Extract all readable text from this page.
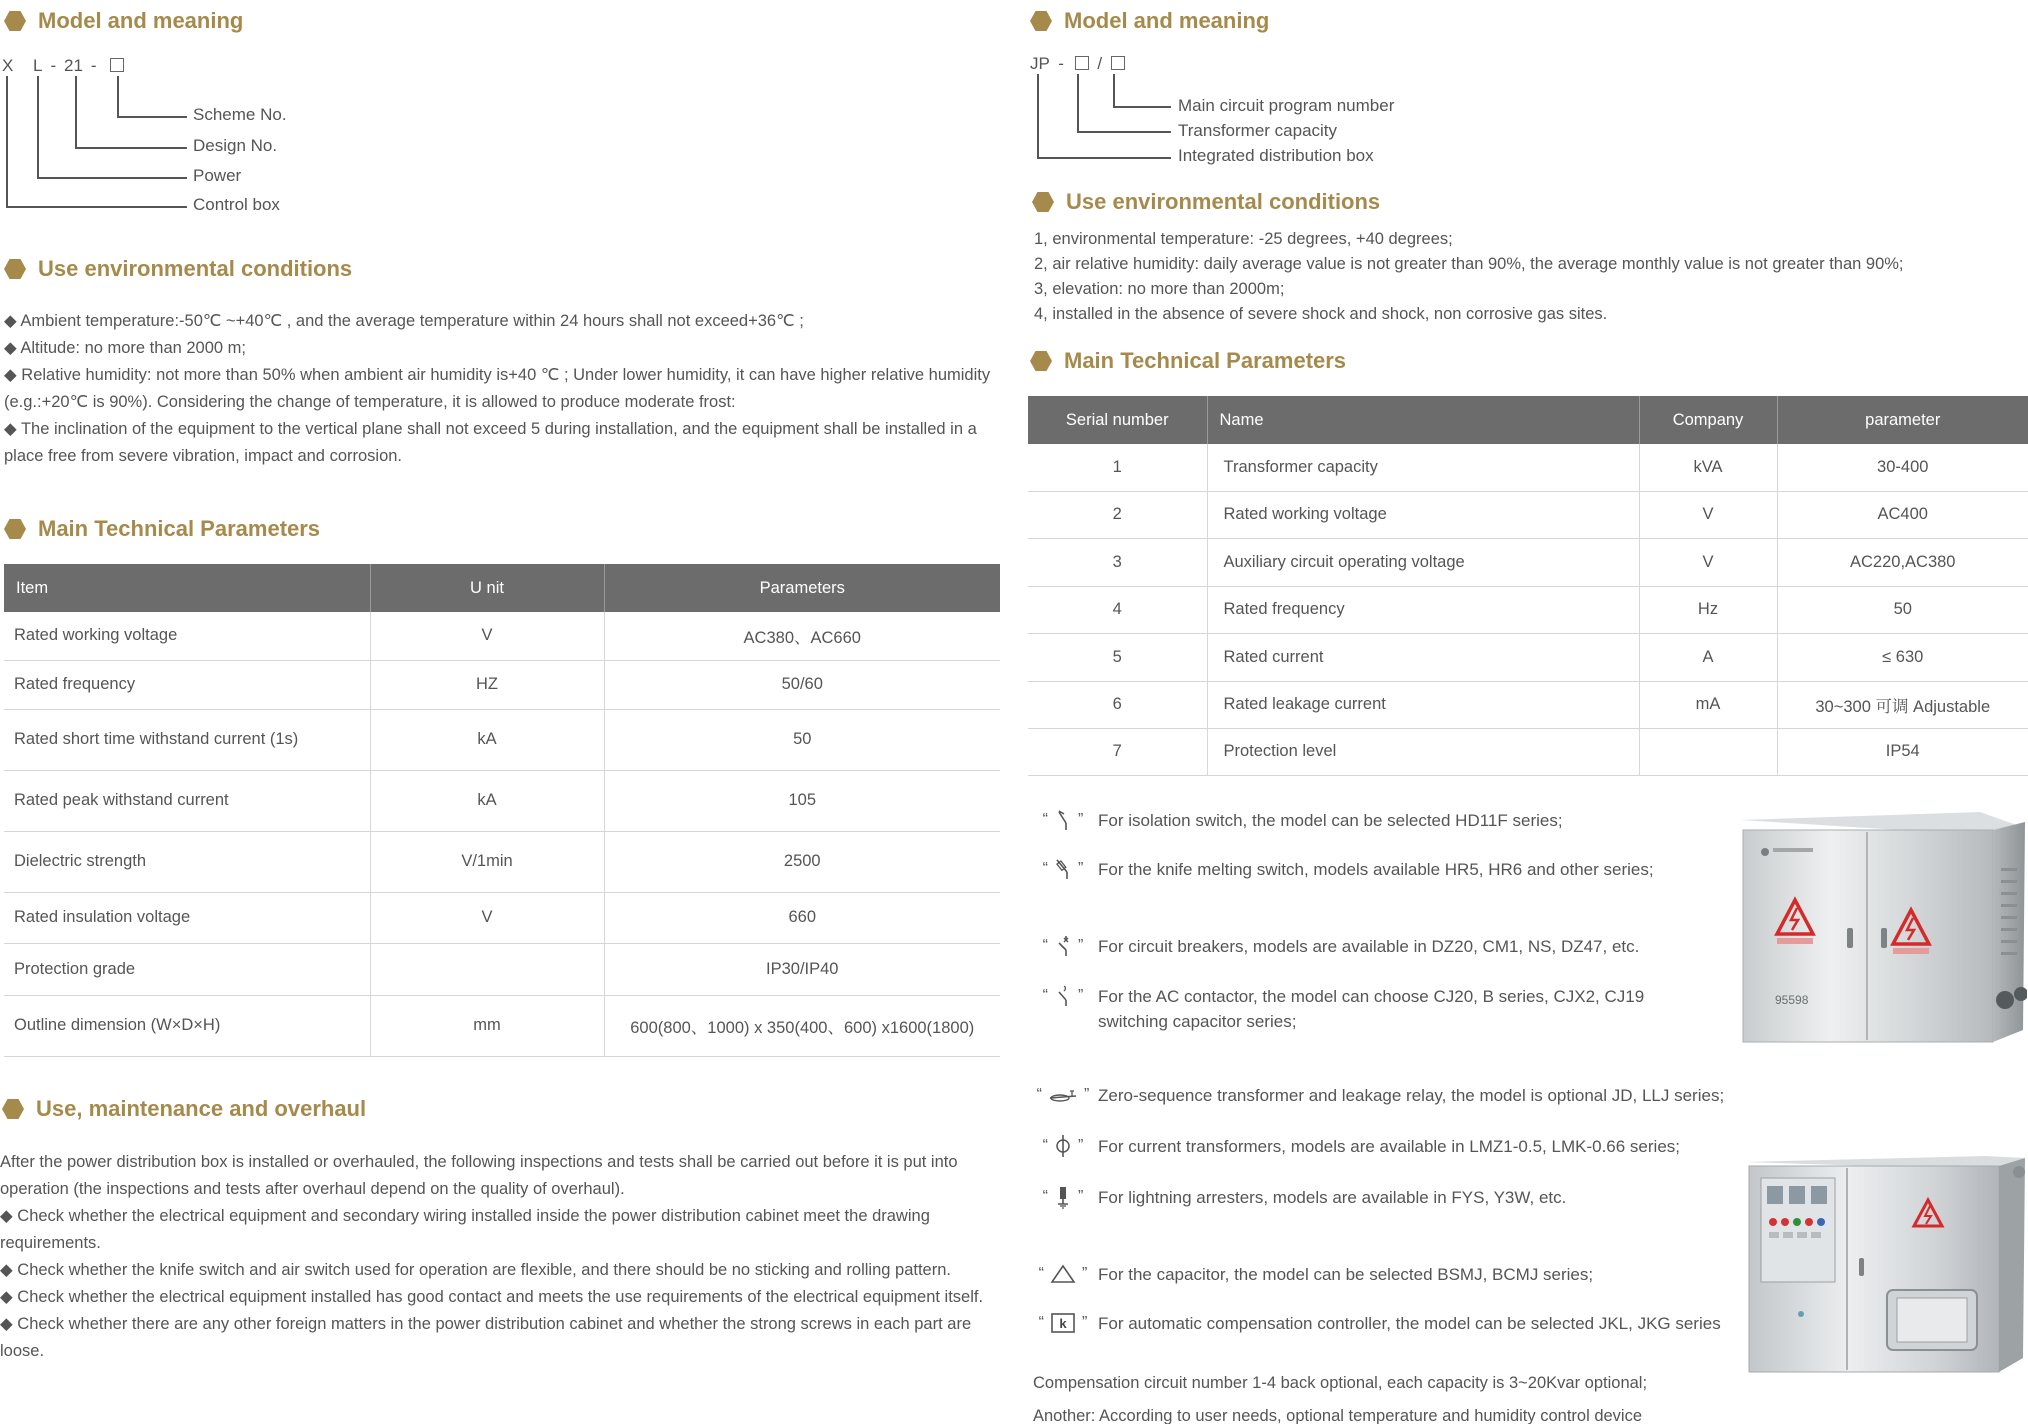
Model and meaning
X L - 21 -
Scheme No.
Design No.
Power
Control box
Use environmental conditions

◆ Ambient temperature:-50℃ ~+40℃ , and the average temperature within 24 hours shall not exceed+36℃ ;

◆ Altitude: no more than 2000 m;

◆ Relative humidity: not more than 50% when ambient air humidity is+40 ℃ ; Under lower humidity, it can have higher relative humidity (e.g.:+20℃ is 90%). Considering the change of temperature, it is allowed to produce moderate frost:

◆ The inclination of the equipment to the vertical plane shall not exceed 5 during installation, and the equipment shall be installed in a place free from severe vibration, impact and corrosion.

Main Technical Parameters
Item	U nit	Parameters
Rated working voltage	V	AC380、AC660
Rated frequency	HZ	50/60
Rated short time withstand current (1s)	kA	50
Rated peak withstand current	kA	105
Dielectric strength	V/1min	2500
Rated insulation voltage	V	660
Protection grade		IP30/IP40
Outline dimension (W×D×H)	mm	600(800、1000) x 350(400、600) x1600(1800)
Use, maintenance and overhaul

After the power distribution box is installed or overhauled, the following inspections and tests shall be carried out before it is put into operation (the inspections and tests after overhaul depend on the quality of overhaul).

◆ Check whether the electrical equipment and secondary wiring installed inside the power distribution cabinet meet the drawing requirements.

◆ Check whether the knife switch and air switch used for operation are flexible, and there should be no sticking and rolling pattern.

◆ Check whether the electrical equipment installed has good contact and meets the use requirements of the electrical equipment itself.

◆ Check whether there are any other foreign matters in the power distribution cabinet and whether the strong screws in each part are loose.

Model and meaning
JP - /
Main circuit program number
Transformer capacity
Integrated distribution box
Use environmental conditions

1, environmental temperature: -25 degrees, +40 degrees;

2, air relative humidity: daily average value is not greater than 90%, the average monthly value is not greater than 90%;

3, elevation: no more than 2000m;

4, installed in the absence of severe shock and shock, non corrosive gas sites.

Main Technical Parameters
Serial number	Name	Company	parameter
1	Transformer capacity	kVA	30-400
2	Rated working voltage	V	AC400
3	Auxiliary circuit operating voltage	V	AC220,AC380
4	Rated frequency	Hz	50
5	Rated current	A	≤ 630
6	Rated leakage current	mA	30~300 可调 Adjustable
7	Protection level		IP54
“
” For isolation switch, the model can be selected HD11F series;
“
” For the knife melting switch, models available HR5, HR6 and other series;
“
” For circuit breakers, models are available in DZ20, CM1, NS, DZ47, etc.
“
” For the AC contactor, the model can choose CJ20, B series, CJX2, CJ19 switching capacitor series;
“	” Zero-sequence transformer and leakage relay, the model is optional JD, LLJ series;
“
” For current transformers, models are available in LMZ1-0.5, LMK-0.66 series;
“
” For lightning arresters, models are available in FYS, Y3W, etc.
“
” For the capacitor, the model can be selected BSMJ, BCMJ series;
“ k ” For automatic compensation controller, the model can be selected JKL, JKG series

Compensation circuit number 1-4 back optional, each capacity is 3~20Kvar optional;

Another: According to user needs, optional temperature and humidity control device

95598
